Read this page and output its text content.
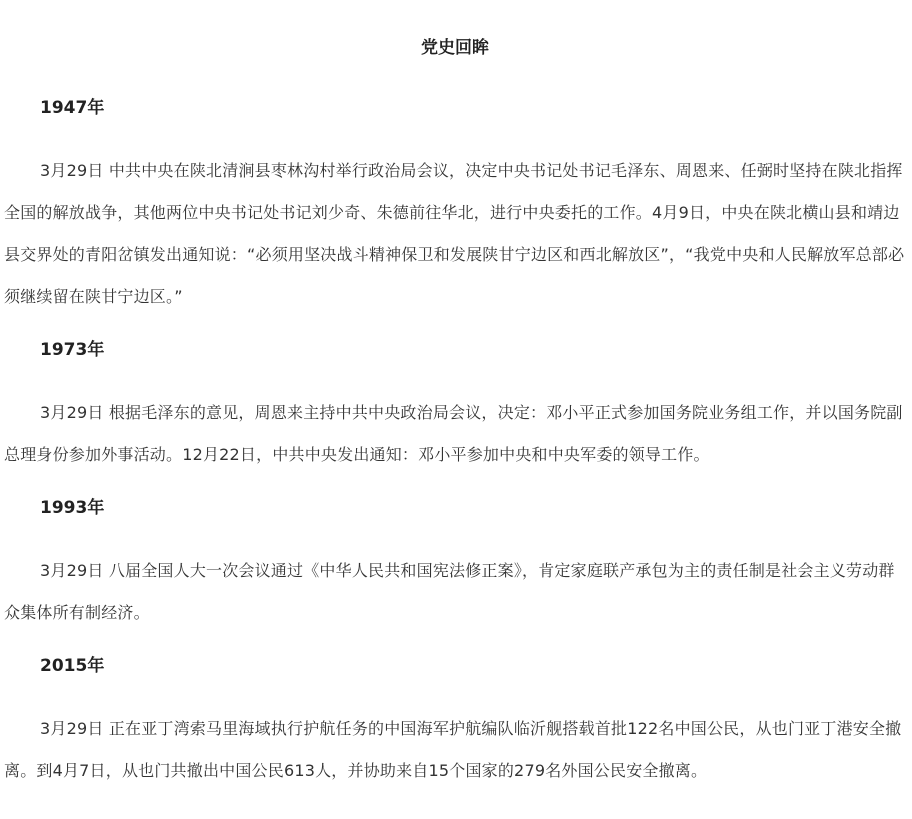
党史回眸
1947年

3月29日 中共中央在陕北清涧县枣林沟村举行政治局会议，决定中央书记处书记毛泽东、周恩来、任弼时坚持在陕北指挥全国的解放战争，其他两位中央书记处书记刘少奇、朱德前往华北，进行中央委托的工作。4月9日，中央在陕北横山县和靖边县交界处的青阳岔镇发出通知说：“必须用坚决战斗精神保卫和发展陕甘宁边区和西北解放区”，“我党中央和人民解放军总部必须继续留在陕甘宁边区。”

1973年

3月29日 根据毛泽东的意见，周恩来主持中共中央政治局会议，决定：邓小平正式参加国务院业务组工作，并以国务院副总理身份参加外事活动。12月22日，中共中央发出通知：邓小平参加中央和中央军委的领导工作。

1993年

3月29日 八届全国人大一次会议通过《中华人民共和国宪法修正案》，肯定家庭联产承包为主的责任制是社会主义劳动群众集体所有制经济。

2015年

3月29日 正在亚丁湾索马里海域执行护航任务的中国海军护航编队临沂舰搭载首批122名中国公民，从也门亚丁港安全撤离。到4月7日，从也门共撤出中国公民613人，并协助来自15个国家的279名外国公民安全撤离。
